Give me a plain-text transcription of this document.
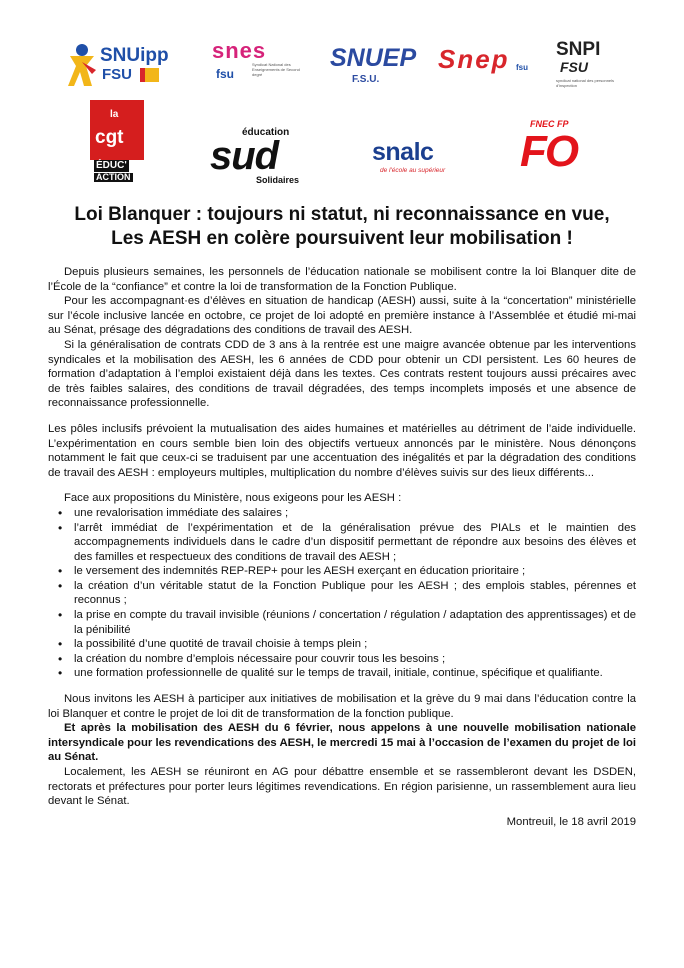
SNUipp
FSU
snes
fsu
Syndicat National des Enseignements de Second degré
SNUEP
F.S.U.
Snep fsu
SNPI
FSU
syndicat national des personnels d'inspection
la
cgt
ÉDUC'
ACTION
éducation
sud
Solidaires
snalc
de l'école au supérieur
FNEC FP
FO
Loi Blanquer : toujours ni statut, ni reconnaissance en vue,
Les AESH en colère poursuivent leur mobilisation !

Depuis plusieurs semaines, les personnels de l’éducation nationale se mobilisent contre la loi Blanquer dite de l’École de la “confiance” et contre la loi de transformation de la Fonction Publique.

Pour les accompagnant·es d’élèves en situation de handicap (AESH) aussi, suite à la “concertation” ministérielle sur l’école inclusive lancée en octobre, ce projet de loi adopté en première instance à l’Assemblée et étudié mi-mai au Sénat, présage des dégradations des conditions de travail des AESH.

Si la généralisation de contrats CDD de 3 ans à la rentrée est une maigre avancée obtenue par les interventions syndicales et la mobilisation des AESH, les 6 années de CDD pour obtenir un CDI persistent. Les 60 heures de formation d’adaptation à l’emploi existaient déjà dans les textes. Ces contrats restent toujours aussi précaires avec de très faibles salaires, des conditions de travail dégradées, des temps incomplets imposés et une absence de reconnaissance professionnelle.

Les pôles inclusifs prévoient la mutualisation des aides humaines et matérielles au détriment de l’aide individuelle. L’expérimentation en cours semble bien loin des objectifs vertueux annoncés par le ministère. Nous dénonçons notamment le fait que ceux-ci se traduisent par une accentuation des inégalités et par la dégradation des conditions de travail des AESH : employeurs multiples, multiplication du nombre d’élèves suivis sur des lieux différents...

Face aux propositions du Ministère, nous exigeons pour les AESH :

• une revalorisation immédiate des salaires ;
• l’arrêt immédiat de l’expérimentation et de la généralisation prévue des PIALs et le maintien des accompagnements individuels dans le cadre d’un dispositif permettant de répondre aux besoins des élèves et des familles et respectueux des conditions de travail des AESH ;
• le versement des indemnités REP-REP+ pour les AESH exerçant en éducation prioritaire ;
• la création d’un véritable statut de la Fonction Publique pour les AESH ; des emplois stables, pérennes et reconnus ;
• la prise en compte du travail invisible (réunions / concertation / régulation / adaptation des apprentissages) et de la pénibilité
• la possibilité d’une quotité de travail choisie à temps plein ;
• la création du nombre d’emplois nécessaire pour couvrir tous les besoins ;
• une formation professionnelle de qualité sur le temps de travail, initiale, continue, spécifique et qualifiante.

Nous invitons les AESH à participer aux initiatives de mobilisation et la grève du 9 mai dans l’éducation contre la loi Blanquer et contre le projet de loi dit de transformation de la fonction publique.

Et après la mobilisation des AESH du 6 février, nous appelons à une nouvelle mobilisation nationale intersyndicale pour les revendications des AESH, le mercredi 15 mai à l’occasion de l’examen du projet de loi au Sénat.

Localement, les AESH se réuniront en AG pour débattre ensemble et se rassembleront devant les DSDEN, rectorats et préfectures pour porter leurs légitimes revendications. En région parisienne, un rassemblement aura lieu devant le Sénat.

Montreuil, le 18 avril 2019
